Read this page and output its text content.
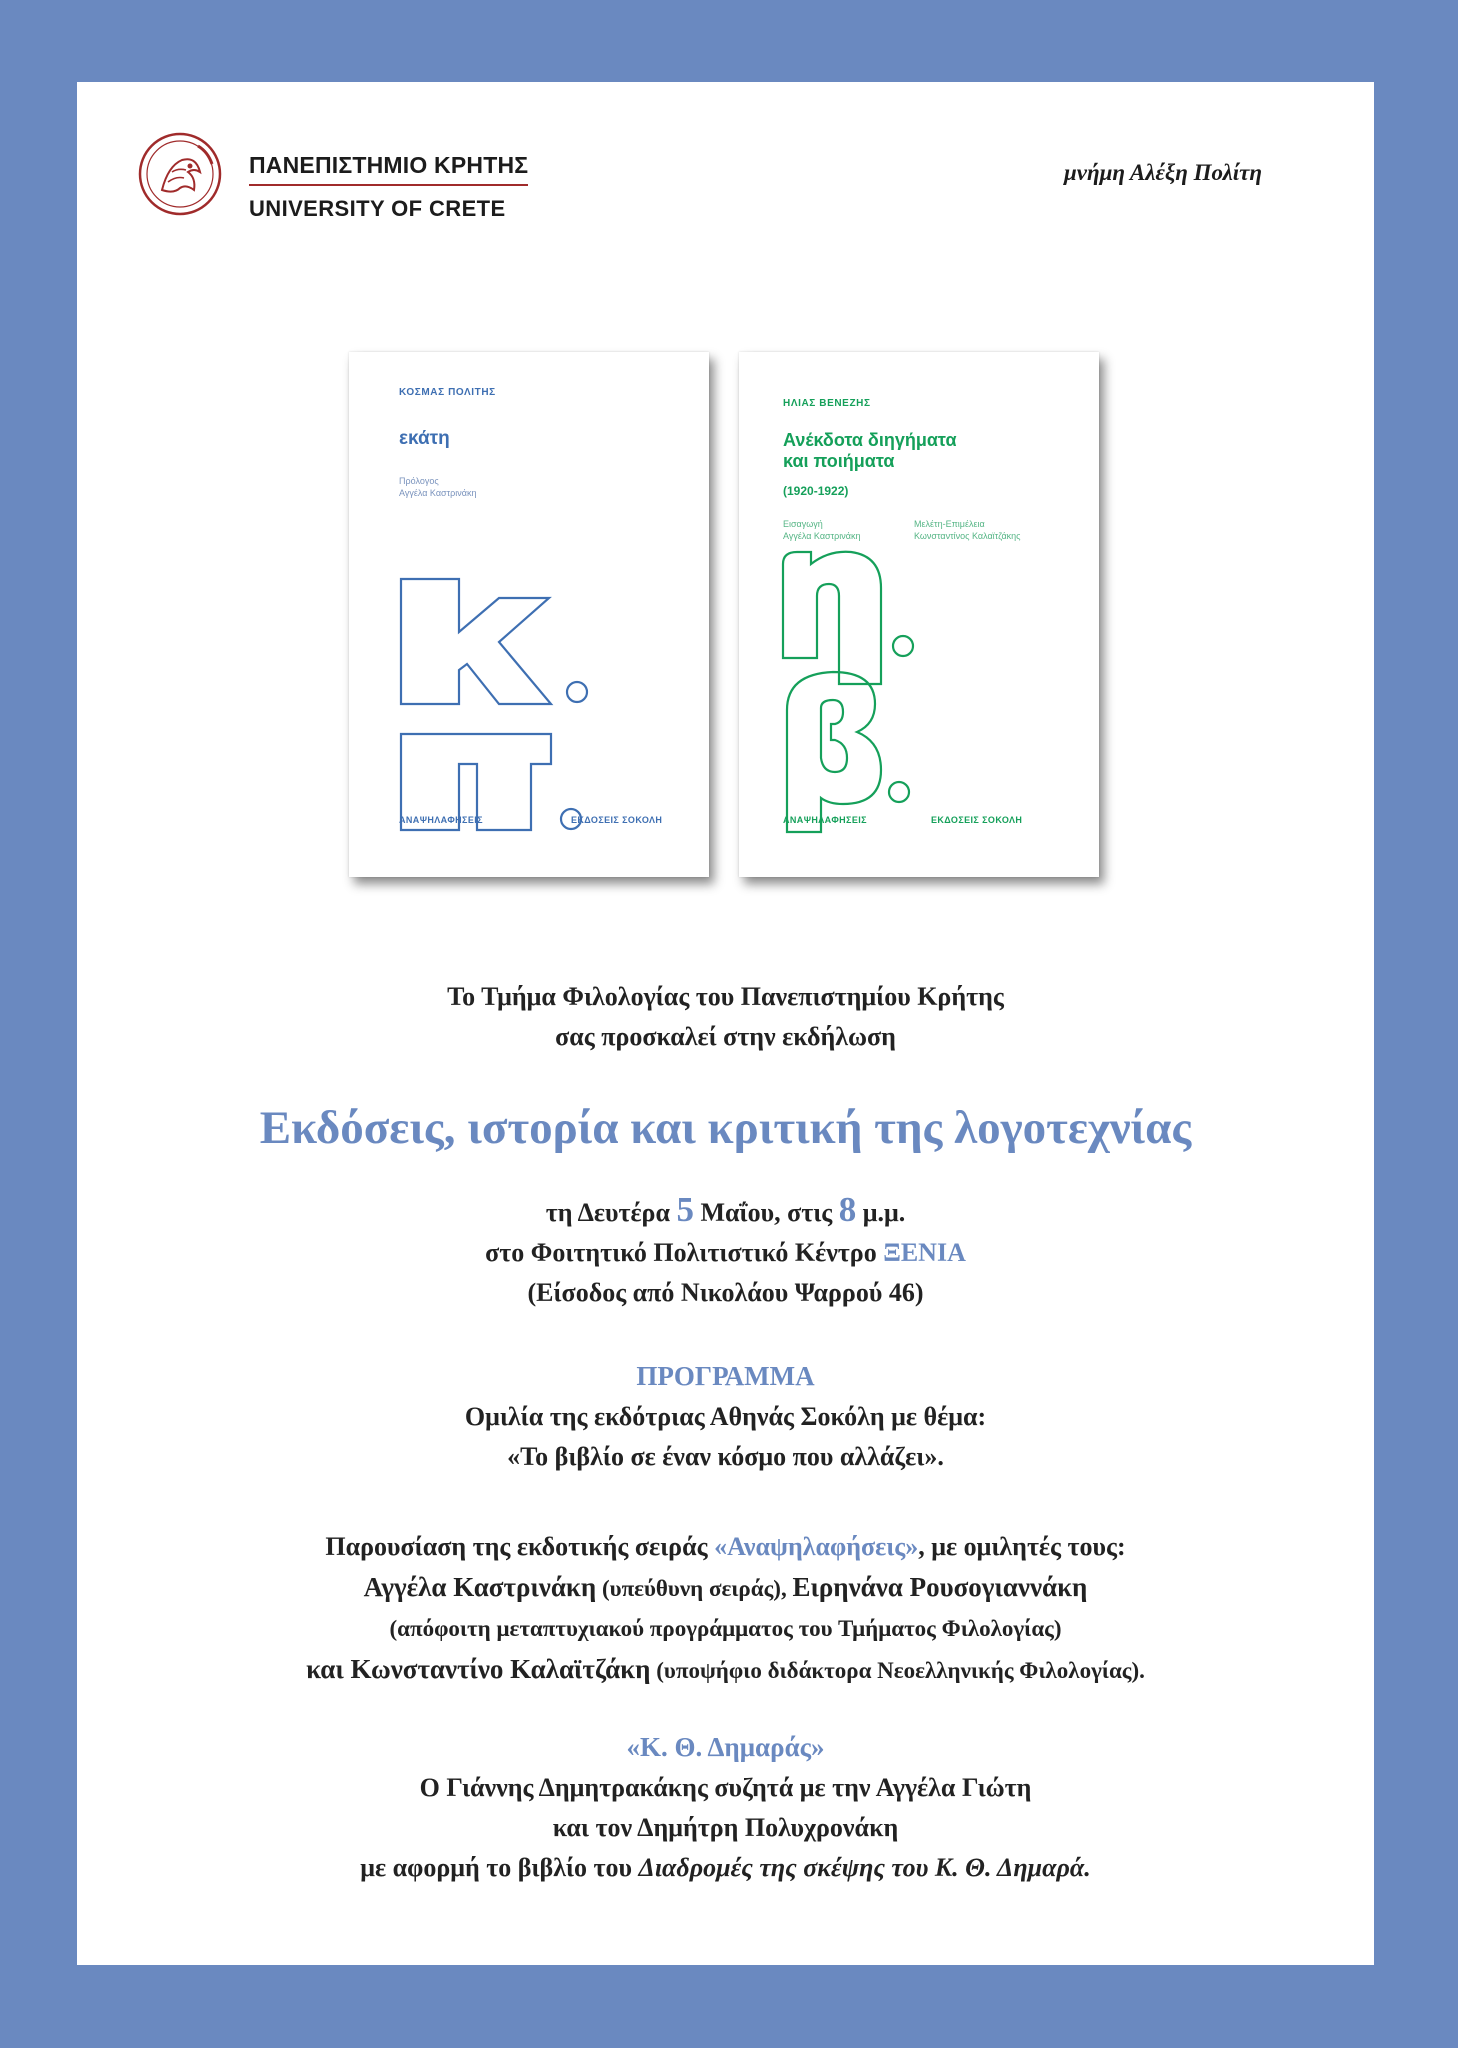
ΠΑΝΕΠΙΣΤΗΜΙΟ ΚΡΗΤΗΣ
UNIVERSITY OF CRETE
μνήμη Αλέξη Πολίτη
ΚΟΣΜΑΣ ΠΟΛΙΤΗΣ
εκάτη
Πρόλογος
Αγγέλα Καστρινάκη
ΑΝΑΨΗΛΑΦΗΣΕΙΣ	ΕΚΔΟΣΕΙΣ ΣΟΚΟΛΗ
ΗΛΙΑΣ ΒΕΝΕΖΗΣ
Ανέκδοτα διηγήματα
και ποιήματα
(1920-1922)
Εισαγωγή
Αγγέλα Καστρινάκη
Μελέτη-Επιμέλεια
Κωνσταντίνος Καλαϊτζάκης
ΑΝΑΨΗΛΑΦΗΣΕΙΣ	ΕΚΔΟΣΕΙΣ ΣΟΚΟΛΗ
Το Τμήμα Φιλολογίας του Πανεπιστημίου Κρήτης
σας προσκαλεί στην εκδήλωση
Εκδόσεις, ιστορία και κριτική της λογοτεχνίας
τη Δευτέρα 5 Μαΐου, στις 8 μ.μ.
στο Φοιτητικό Πολιτιστικό Κέντρο ΞΕΝΙΑ
(Είσοδος από Νικολάου Ψαρρού 46)
ΠΡΟΓΡΑΜΜΑ
Ομιλία της εκδότριας Αθηνάς Σοκόλη με θέμα:
«Το βιβλίο σε έναν κόσμο που αλλάζει».
Παρουσίαση της εκδοτικής σειράς «Αναψηλαφήσεις», με ομιλητές τους:
Αγγέλα Καστρινάκη (υπεύθυνη σειράς), Ειρηνάνα Ρουσογιαννάκη
(απόφοιτη μεταπτυχιακού προγράμματος του Τμήματος Φιλολογίας)
και Κωνσταντίνο Καλαϊτζάκη (υποψήφιο διδάκτορα Νεοελληνικής Φιλολογίας).
«Κ. Θ. Δημαράς»
Ο Γιάννης Δημητρακάκης συζητά με την Αγγέλα Γιώτη
και τον Δημήτρη Πολυχρονάκη
με αφορμή το βιβλίο του Διαδρομές της σκέψης του Κ. Θ. Δημαρά.
